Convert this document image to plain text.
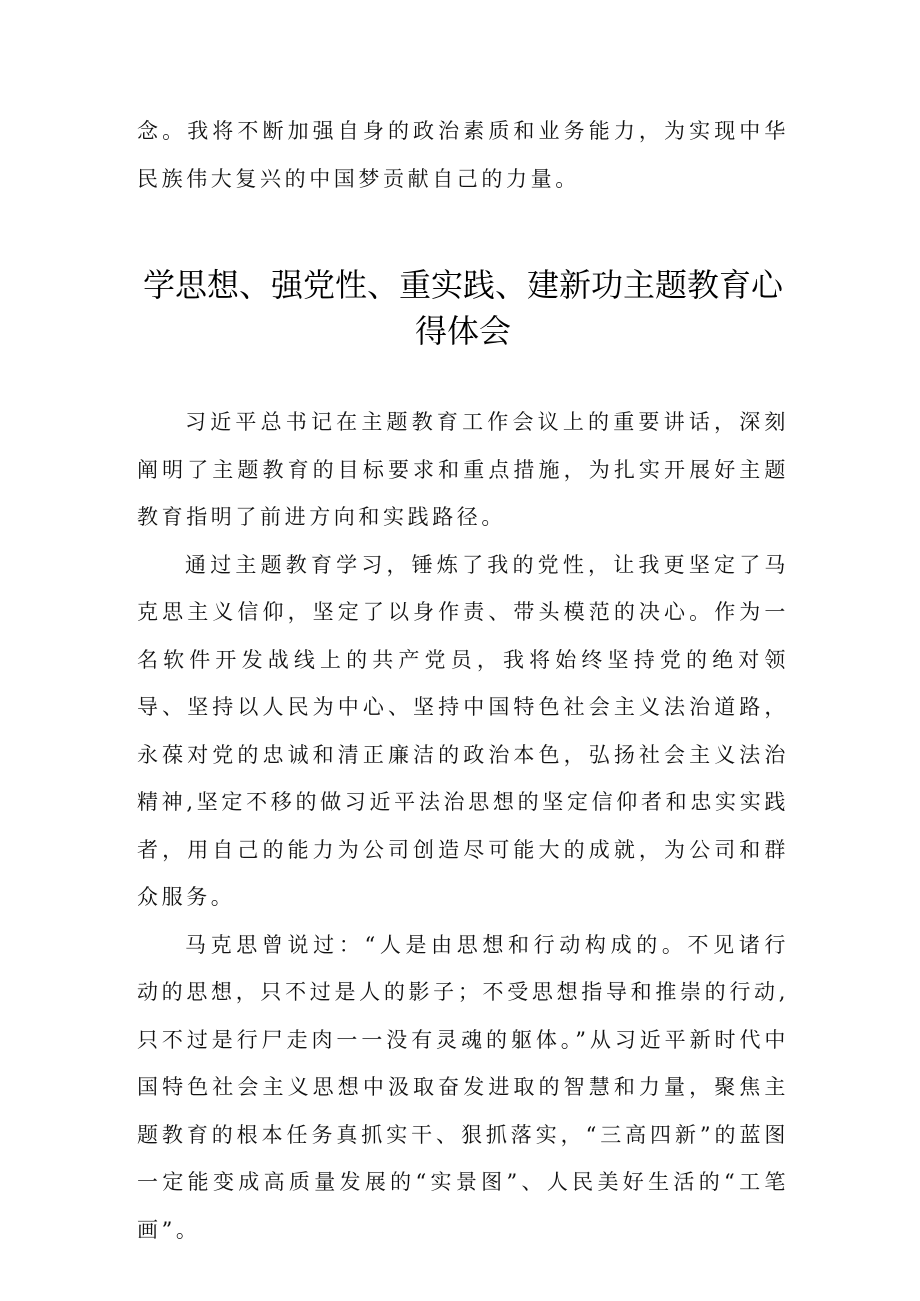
念。我将不断加强自身的政治素质和业务能力，为实现中华民族伟大复兴的中国梦贡献自己的力量。

学思想、强党性、重实践、建新功主题教育心得体会

习近平总书记在主题教育工作会议上的重要讲话，深刻阐明了主题教育的目标要求和重点措施，为扎实开展好主题教育指明了前进方向和实践路径。

通过主题教育学习，锤炼了我的党性，让我更坚定了马克思主义信仰，坚定了以身作责、带头模范的决心。作为一名软件开发战线上的共产党员，我将始终坚持党的绝对领导、坚持以人民为中心、坚持中国特色社会主义法治道路，永葆对党的忠诚和清正廉洁的政治本色，弘扬社会主义法治精神,坚定不移的做习近平法治思想的坚定信仰者和忠实实践者，用自己的能力为公司创造尽可能大的成就，为公司和群众服务。

马克思曾说过：“人是由思想和行动构成的。不见诸行动的思想，只不过是人的影子；不受思想指导和推崇的行动,只不过是行尸走肉一一没有灵魂的躯体。”从习近平新时代中国特色社会主义思想中汲取奋发进取的智慧和力量，聚焦主题教育的根本任务真抓实干、狠抓落实，“三高四新”的蓝图一定能变成高质量发展的“实景图”、人民美好生活的“工笔画”。
